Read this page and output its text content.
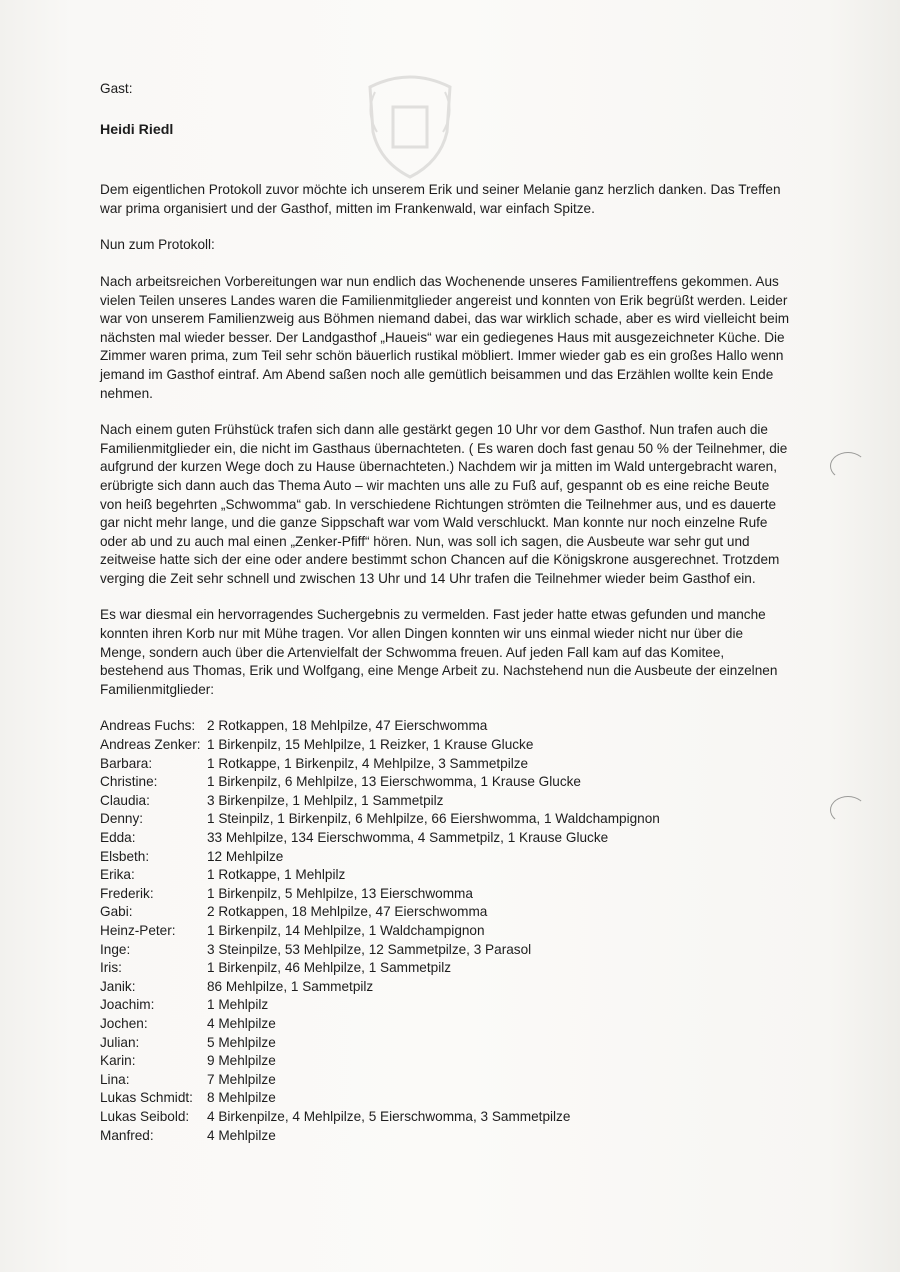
Gast:

Heidi Riedl

Dem eigentlichen Protokoll zuvor möchte ich unserem Erik und seiner Melanie ganz herzlich danken. Das Treffen war prima organisiert und der Gasthof, mitten im Frankenwald, war einfach Spitze.

Nun zum Protokoll:

Nach arbeitsreichen Vorbereitungen war nun endlich das Wochenende unseres Familientreffens gekommen. Aus vielen Teilen unseres Landes waren die Familienmitglieder angereist und konnten von Erik begrüßt werden. Leider war von unserem Familienzweig aus Böhmen niemand dabei, das war wirklich schade, aber es wird vielleicht beim nächsten mal wieder besser. Der Landgasthof „Haueis“ war ein gediegenes Haus mit ausgezeichneter Küche. Die Zimmer waren prima, zum Teil sehr schön bäuerlich rustikal möbliert. Immer wieder gab es ein großes Hallo wenn jemand im Gasthof eintraf. Am Abend saßen noch alle gemütlich beisammen und das Erzählen wollte kein Ende nehmen.

Nach einem guten Frühstück trafen sich dann alle gestärkt gegen 10 Uhr vor dem Gasthof. Nun trafen auch die Familienmitglieder ein, die nicht im Gasthaus übernachteten. ( Es waren doch fast genau 50 % der Teilnehmer, die aufgrund der kurzen Wege doch zu Hause übernachteten.) Nachdem wir ja mitten im Wald untergebracht waren, erübrigte sich dann auch das Thema Auto – wir machten uns alle zu Fuß auf, gespannt ob es eine reiche Beute von heiß begehrten „Schwomma“ gab. In verschiedene Richtungen strömten die Teilnehmer aus, und es dauerte gar nicht mehr lange, und die ganze Sippschaft war vom Wald verschluckt. Man konnte nur noch einzelne Rufe oder ab und zu auch mal einen „Zenker-Pfiff“ hören. Nun, was soll ich sagen, die Ausbeute war sehr gut und zeitweise hatte sich der eine oder andere bestimmt schon Chancen auf die Königskrone ausgerechnet. Trotzdem verging die Zeit sehr schnell und zwischen 13 Uhr und 14 Uhr trafen die Teilnehmer wieder beim Gasthof ein.

Es war diesmal ein hervorragendes Suchergebnis zu vermelden. Fast jeder hatte etwas gefunden und manche konnten ihren Korb nur mit Mühe tragen. Vor allen Dingen konnten wir uns einmal wieder nicht nur über die Menge, sondern auch über die Artenvielfalt der Schwomma freuen. Auf jeden Fall kam auf das Komitee, bestehend aus Thomas, Erik und Wolfgang, eine Menge Arbeit zu. Nachstehend nun die Ausbeute der einzelnen Familienmitglieder:

Andreas Fuchs: 2 Rotkappen, 18 Mehlpilze, 47 Eierschwomma
Andreas Zenker: 1 Birkenpilz, 15 Mehlpilze, 1 Reizker, 1 Krause Glucke
Barbara:	1 Rotkappe, 1 Birkenpilz, 4 Mehlpilze, 3 Sammetpilze
Christine:	1 Birkenpilz, 6 Mehlpilze, 13 Eierschwomma, 1 Krause Glucke
Claudia:	3 Birkenpilze, 1 Mehlpilz, 1 Sammetpilz
Denny:	1 Steinpilz, 1 Birkenpilz, 6 Mehlpilze, 66 Eiershwomma, 1 Waldchampignon
Edda:	33 Mehlpilze, 134 Eierschwomma, 4 Sammetpilz, 1 Krause Glucke
Elsbeth:	12 Mehlpilze
Erika:	1 Rotkappe, 1 Mehlpilz
Frederik:	1 Birkenpilz, 5 Mehlpilze, 13 Eierschwomma
Gabi:	2 Rotkappen, 18 Mehlpilze, 47 Eierschwomma
Heinz-Peter:	1 Birkenpilz, 14 Mehlpilze, 1 Waldchampignon
Inge:	3 Steinpilze, 53 Mehlpilze, 12 Sammetpilze, 3 Parasol
Iris:	1 Birkenpilz, 46 Mehlpilze, 1 Sammetpilz
Janik:	86 Mehlpilze, 1 Sammetpilz
Joachim:	1 Mehlpilz
Jochen:	4 Mehlpilze
Julian:	5 Mehlpilze
Karin:	9 Mehlpilze
Lina:	7 Mehlpilze
Lukas Schmidt:	8 Mehlpilze
Lukas Seibold:	4 Birkenpilze, 4 Mehlpilze, 5 Eierschwomma, 3 Sammetpilze
Manfred:	4 Mehlpilze
